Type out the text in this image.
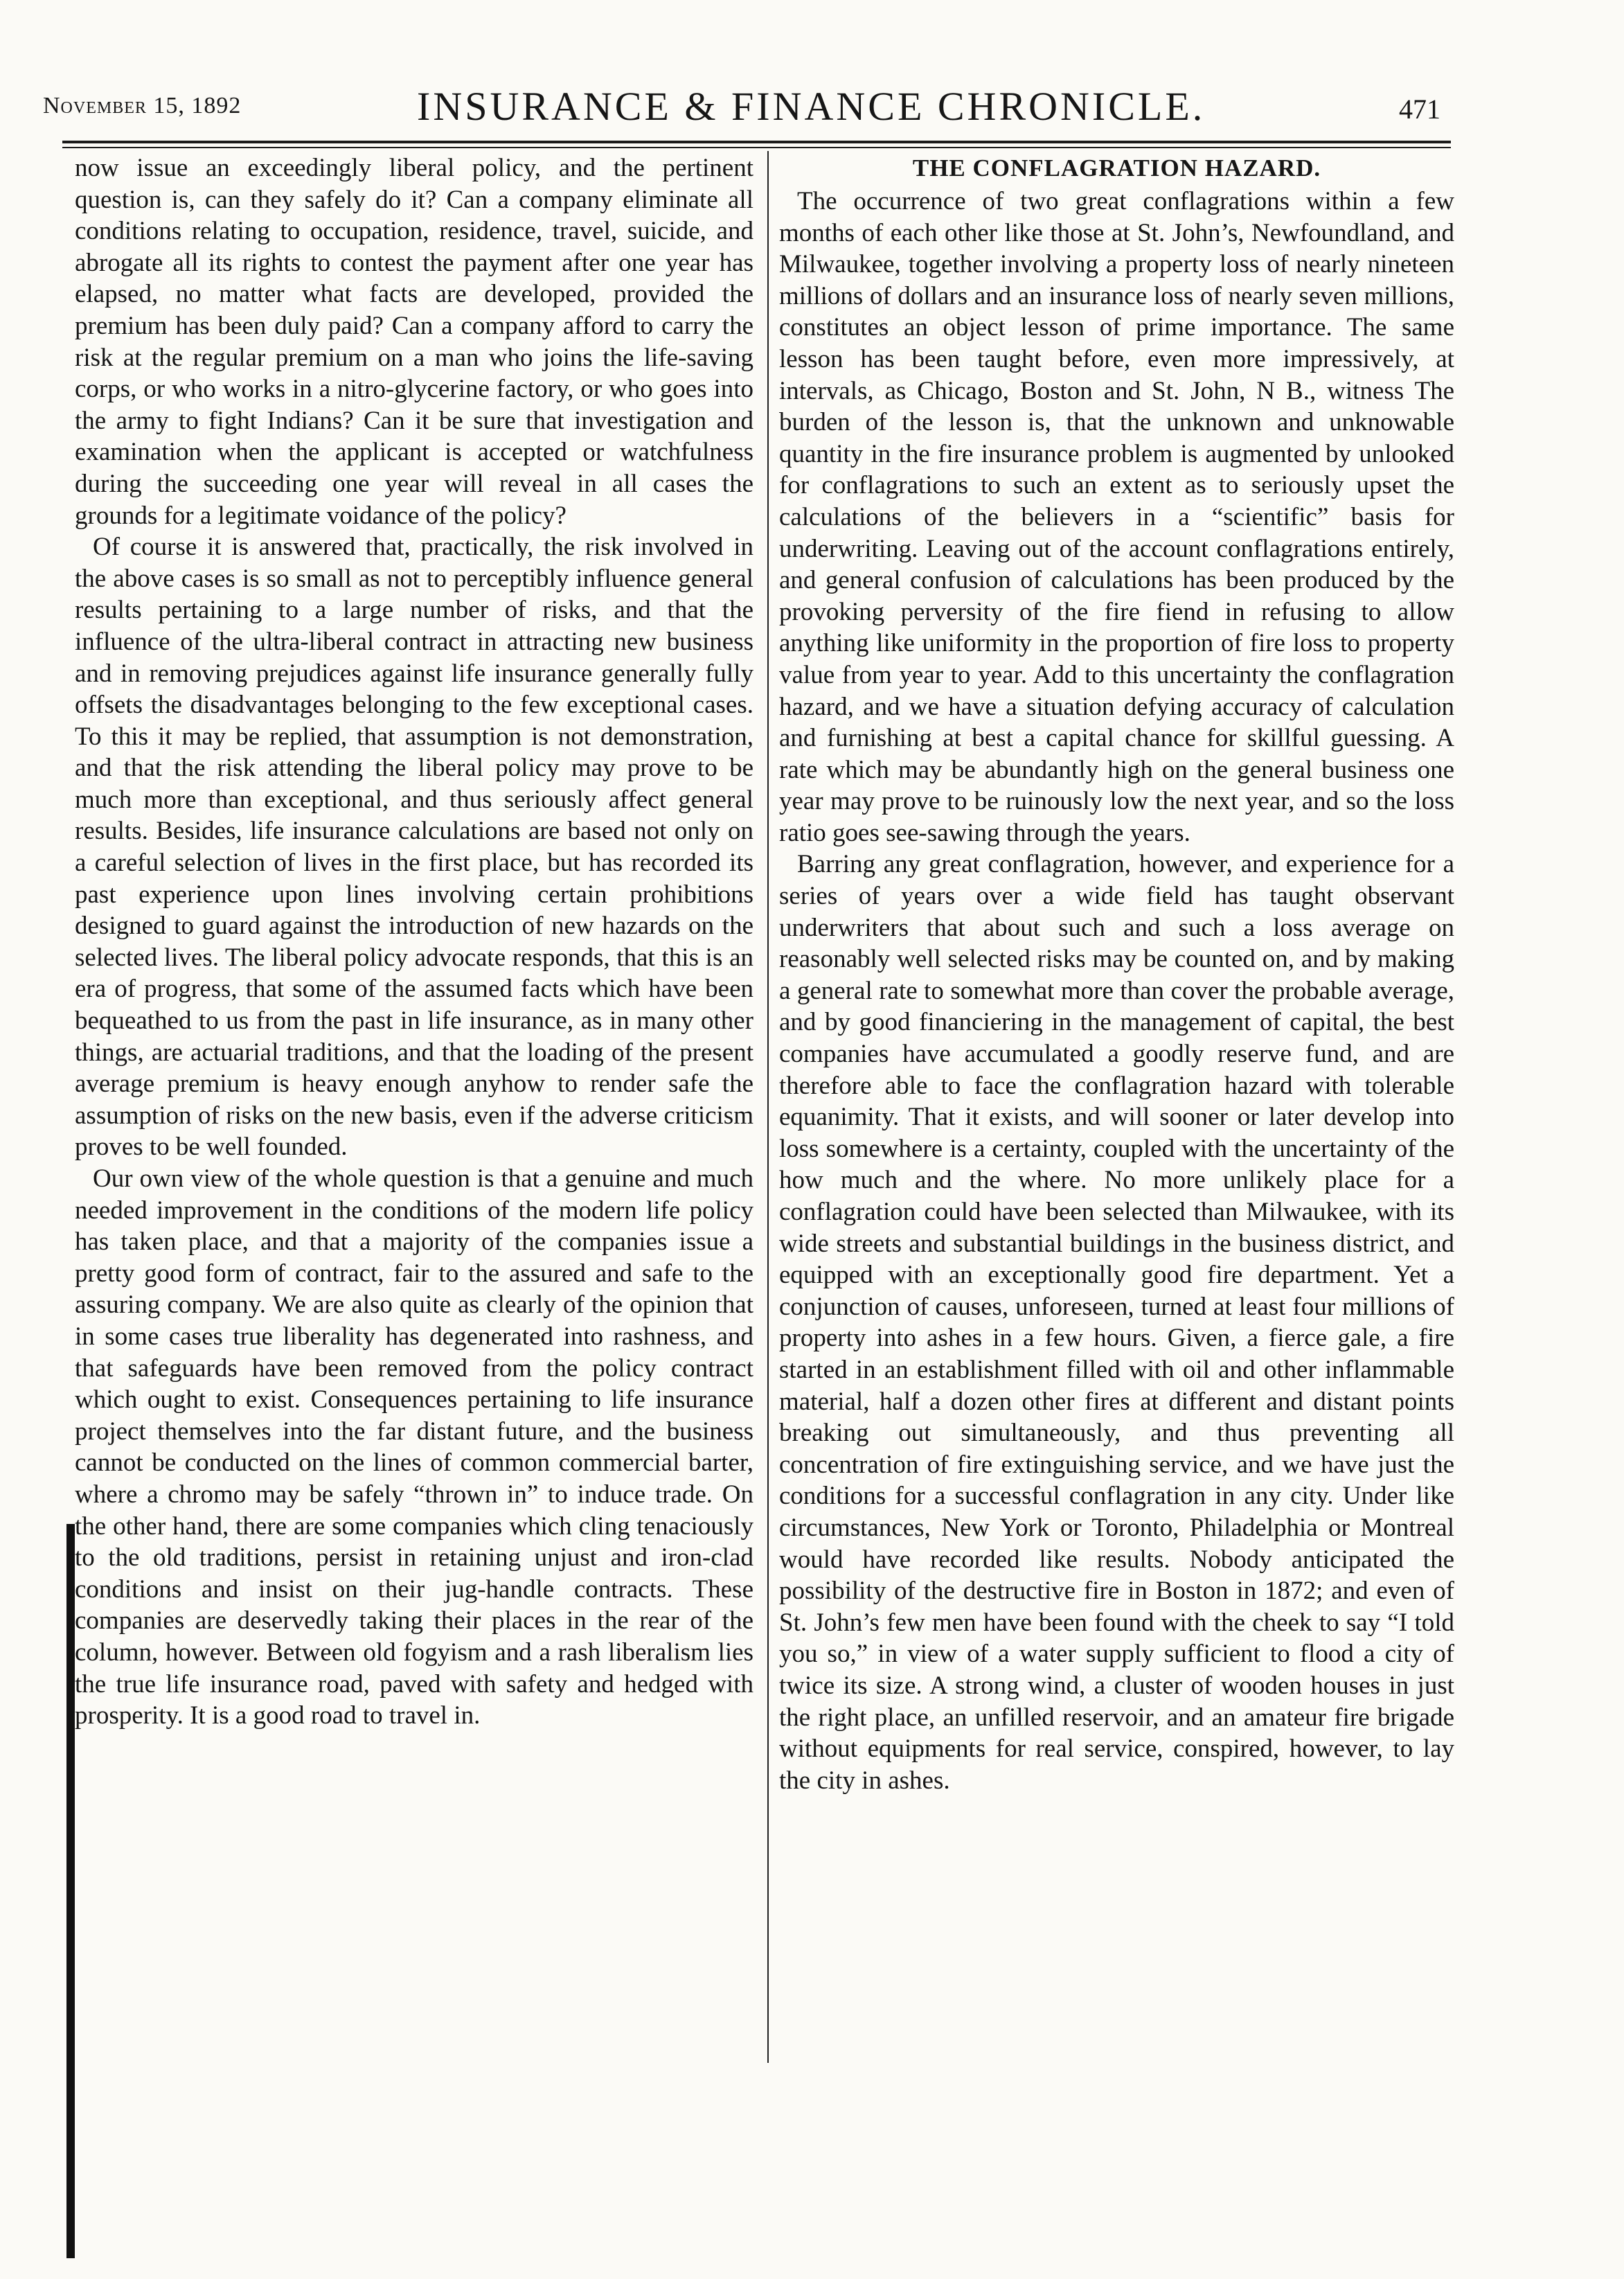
November 15, 1892	INSURANCE & FINANCE CHRONICLE.	471

now issue an exceedingly liberal policy, and the pertinent question is, can they safely do it? Can a company eliminate all conditions relating to occupation, residence, travel, suicide, and abrogate all its rights to contest the payment after one year has elapsed, no matter what facts are developed, provided the premium has been duly paid? Can a company afford to carry the risk at the regular premium on a man who joins the life-saving corps, or who works in a nitro-glycerine factory, or who goes into the army to fight Indians? Can it be sure that investigation and examination when the applicant is accepted or watchfulness during the succeeding one year will reveal in all cases the grounds for a legitimate voidance of the policy?

Of course it is answered that, practically, the risk involved in the above cases is so small as not to perceptibly influence general results pertaining to a large number of risks, and that the influence of the ultra-liberal contract in attracting new business and in removing prejudices against life insurance generally fully offsets the disadvantages belonging to the few exceptional cases. To this it may be replied, that assumption is not demonstration, and that the risk attending the liberal policy may prove to be much more than exceptional, and thus seriously affect general results. Besides, life insurance calculations are based not only on a careful selection of lives in the first place, but has recorded its past experience upon lines involving certain prohibitions designed to guard against the introduction of new hazards on the selected lives. The liberal policy advocate responds, that this is an era of progress, that some of the assumed facts which have been bequeathed to us from the past in life insurance, as in many other things, are actuarial traditions, and that the loading of the present average premium is heavy enough anyhow to render safe the assumption of risks on the new basis, even if the adverse criticism proves to be well founded.

Our own view of the whole question is that a genuine and much needed improvement in the conditions of the modern life policy has taken place, and that a majority of the companies issue a pretty good form of contract, fair to the assured and safe to the assuring company. We are also quite as clearly of the opinion that in some cases true liberality has degenerated into rashness, and that safeguards have been removed from the policy contract which ought to exist. Consequences pertaining to life insurance project themselves into the far distant future, and the business cannot be conducted on the lines of common commercial barter, where a chromo may be safely “thrown in” to induce trade. On the other hand, there are some companies which cling tenaciously to the old traditions, persist in retaining unjust and iron-clad conditions and insist on their jug-handle contracts. These companies are deservedly taking their places in the rear of the column, however. Between old fogyism and a rash liberalism lies the true life insurance road, paved with safety and hedged with prosperity. It is a good road to travel in.

THE CONFLAGRATION HAZARD.

The occurrence of two great conflagrations within a few months of each other like those at St. John’s, Newfoundland, and Milwaukee, together involving a property loss of nearly nineteen millions of dollars and an insurance loss of nearly seven millions, constitutes an object lesson of prime importance. The same lesson has been taught before, even more impressively, at intervals, as Chicago, Boston and St. John, N B., witness The burden of the lesson is, that the unknown and unknowable quantity in the fire insurance problem is augmented by unlooked for conflagrations to such an extent as to seriously upset the calculations of the believers in a “scientific” basis for underwriting. Leaving out of the account conflagrations entirely, and general confusion of calculations has been produced by the provoking perversity of the fire fiend in refusing to allow anything like uniformity in the proportion of fire loss to property value from year to year. Add to this uncertainty the conflagration hazard, and we have a situation defying accuracy of calculation and furnishing at best a capital chance for skillful guessing. A rate which may be abundantly high on the general business one year may prove to be ruinously low the next year, and so the loss ratio goes see-sawing through the years.

Barring any great conflagration, however, and experience for a series of years over a wide field has taught observant underwriters that about such and such a loss average on reasonably well selected risks may be counted on, and by making a general rate to somewhat more than cover the probable average, and by good financiering in the management of capital, the best companies have accumulated a goodly reserve fund, and are therefore able to face the conflagration hazard with tolerable equanimity. That it exists, and will sooner or later develop into loss somewhere is a certainty, coupled with the uncertainty of the how much and the where. No more unlikely place for a conflagration could have been selected than Milwaukee, with its wide streets and substantial buildings in the business district, and equipped with an exceptionally good fire department. Yet a conjunction of causes, unforeseen, turned at least four millions of property into ashes in a few hours. Given, a fierce gale, a fire started in an establishment filled with oil and other inflammable material, half a dozen other fires at different and distant points breaking out simultaneously, and thus preventing all concentration of fire extinguishing service, and we have just the conditions for a successful conflagration in any city. Under like circumstances, New York or Toronto, Philadelphia or Montreal would have recorded like results. Nobody anticipated the possibility of the destructive fire in Boston in 1872; and even of St. John’s few men have been found with the cheek to say “I told you so,” in view of a water supply sufficient to flood a city of twice its size. A strong wind, a cluster of wooden houses in just the right place, an unfilled reservoir, and an amateur fire brigade without equipments for real service, conspired, however, to lay the city in ashes.
